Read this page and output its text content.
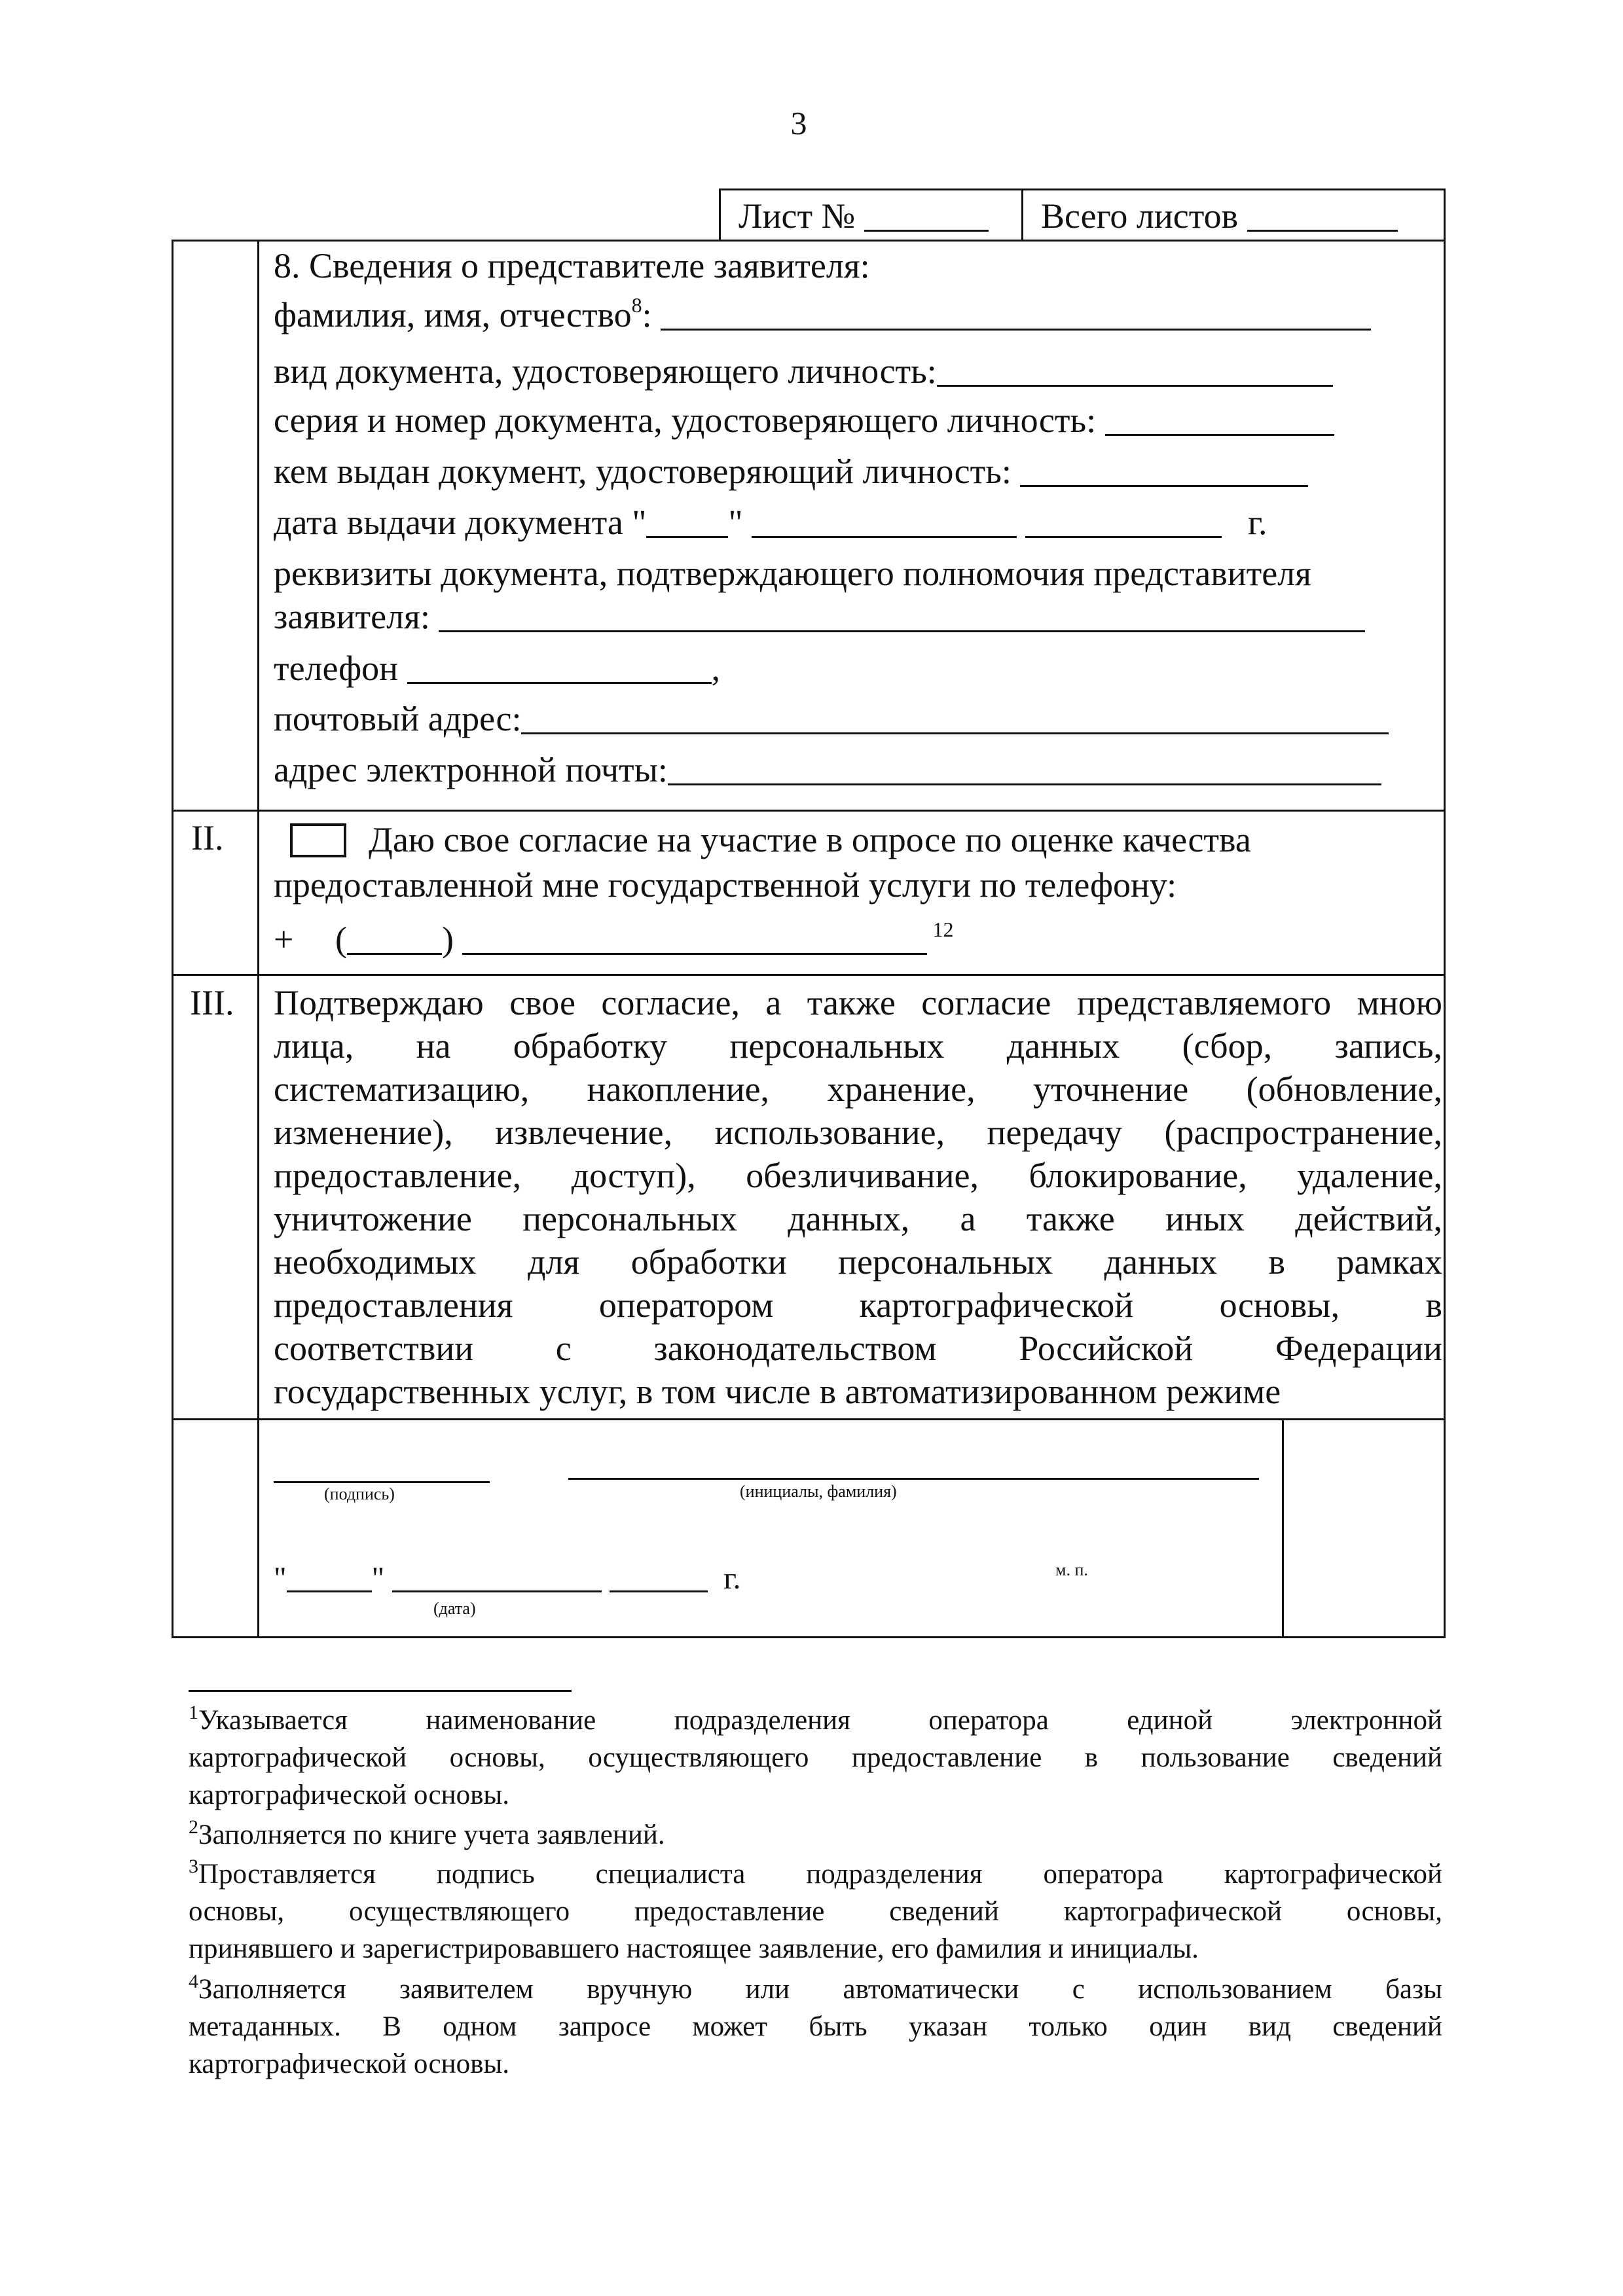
3
Лист №	Всего листов
8. Сведения о представителе заявителя:
фамилия, имя, отчество$^8$:
вид документа, удостоверяющего личность:
серия и номер документа, удостоверяющего личность:
кем выдан документ, удостоверяющий личность:
дата выдачи документа " "	г.
реквизиты документа, подтверждающего полномочия представителя
заявителя:
телефон	,
почтовый адрес:
адрес электронной почты:
II.	Даю свое согласие на участие в опросе по оценке качества
предоставленной мне государственной услуги по телефону:
+ (	)	$^{12}$
III. Подтверждаю свое согласие, а также согласие представляемого мною
лица, на обработку персональных данных (сбор, запись,
систематизацию, накопление, хранение, уточнение (обновление,
изменение), извлечение, использование, передачу (распространение,
предоставление, доступ), обезличивание, блокирование, удаление,
уничтожение персональных данных, а также иных действий,
необходимых для обработки персональных данных в рамках
предоставления оператором картографической основы, в
соответствии с законодательством Российской Федерации
государственных услуг, в том числе в автоматизированном режиме
(подпись)	(инициалы, фамилия)
"	"	г.
(дата)
м. п.
$^1$Указывается наименование подразделения оператора единой электронной
картографической основы, осуществляющего предоставление в пользование сведений
картографической основы.
$^2$Заполняется по книге учета заявлений.
$^3$Проставляется подпись специалиста подразделения оператора картографической
основы, осуществляющего предоставление сведений картографической основы,
принявшего и зарегистрировавшего настоящее заявление, его фамилия и инициалы.
$^4$Заполняется заявителем вручную или автоматически с использованием базы
метаданных. В одном запросе может быть указан только один вид сведений
картографической основы.
